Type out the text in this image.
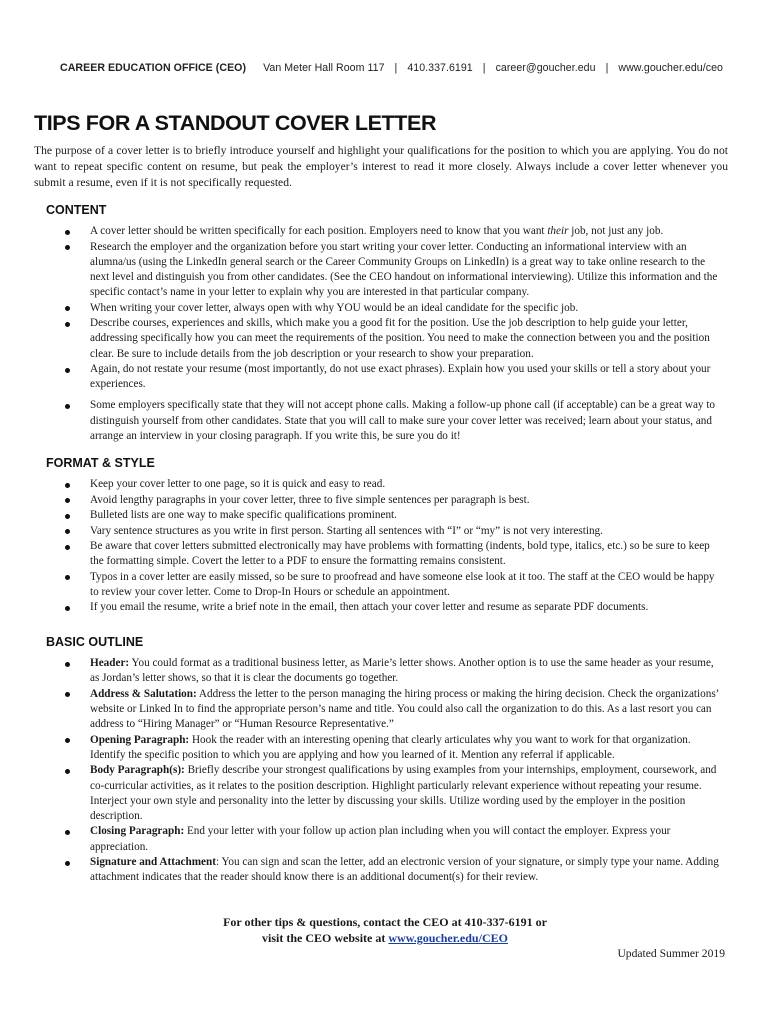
CAREER EDUCATION OFFICE (CEO) Van Meter Hall Room 117 | 410.337.6191 | career@goucher.edu | www.goucher.edu/ceo
TIPS FOR A STANDOUT COVER LETTER

The purpose of a cover letter is to briefly introduce yourself and highlight your qualifications for the position to which you are applying. You do not want to repeat specific content on resume, but peak the employer’s interest to read it more closely. Always include a cover letter whenever you submit a resume, even if it is not specifically requested.

CONTENT
A cover letter should be written specifically for each position. Employers need to know that you want their job, not just any job.
Research the employer and the organization before you start writing your cover letter. Conducting an informational interview with an alumna/us (using the LinkedIn general search or the Career Community Groups on LinkedIn) is a great way to take online research to the next level and distinguish you from other candidates. (See the CEO handout on informational interviewing). Utilize this information and the specific contact’s name in your letter to explain why you are interested in that particular company.
When writing your cover letter, always open with why YOU would be an ideal candidate for the specific job.
Describe courses, experiences and skills, which make you a good fit for the position. Use the job description to help guide your letter, addressing specifically how you can meet the requirements of the position. You need to make the connection between you and the position clear. Be sure to include details from the job description or your research to show your preparation.
Again, do not restate your resume (most importantly, do not use exact phrases). Explain how you used your skills or tell a story about your experiences.
Some employers specifically state that they will not accept phone calls. Making a follow-up phone call (if acceptable) can be a great way to distinguish yourself from other candidates. State that you will call to make sure your cover letter was received; learn about your status, and arrange an interview in your closing paragraph. If you write this, be sure you do it!
FORMAT & STYLE
Keep your cover letter to one page, so it is quick and easy to read.
Avoid lengthy paragraphs in your cover letter, three to five simple sentences per paragraph is best.
Bulleted lists are one way to make specific qualifications prominent.
Vary sentence structures as you write in first person. Starting all sentences with “I” or “my” is not very interesting.
Be aware that cover letters submitted electronically may have problems with formatting (indents, bold type, italics, etc.) so be sure to keep the formatting simple. Covert the letter to a PDF to ensure the formatting remains consistent.
Typos in a cover letter are easily missed, so be sure to proofread and have someone else look at it too. The staff at the CEO would be happy to review your cover letter. Come to Drop-In Hours or schedule an appointment.
If you email the resume, write a brief note in the email, then attach your cover letter and resume as separate PDF documents.
BASIC OUTLINE
Header: You could format as a traditional business letter, as Marie’s letter shows. Another option is to use the same header as your resume, as Jordan’s letter shows, so that it is clear the documents go together.
Address & Salutation: Address the letter to the person managing the hiring process or making the hiring decision. Check the organizations’ website or Linked In to find the appropriate person’s name and title. You could also call the organization to do this. As a last resort you can address to “Hiring Manager” or “Human Resource Representative.”
Opening Paragraph: Hook the reader with an interesting opening that clearly articulates why you want to work for that organization. Identify the specific position to which you are applying and how you learned of it. Mention any referral if applicable.
Body Paragraph(s): Briefly describe your strongest qualifications by using examples from your internships, employment, coursework, and co-curricular activities, as it relates to the position description. Highlight particularly relevant experience without repeating your resume. Interject your own style and personality into the letter by discussing your skills. Utilize wording used by the employer in the position description.
Closing Paragraph: End your letter with your follow up action plan including when you will contact the employer. Express your appreciation.
Signature and Attachment: You can sign and scan the letter, add an electronic version of your signature, or simply type your name. Adding attachment indicates that the reader should know there is an additional document(s) for their review.
For other tips & questions, contact the CEO at 410-337-6191 or
visit the CEO website at www.goucher.edu/CEO
Updated Summer 2019
